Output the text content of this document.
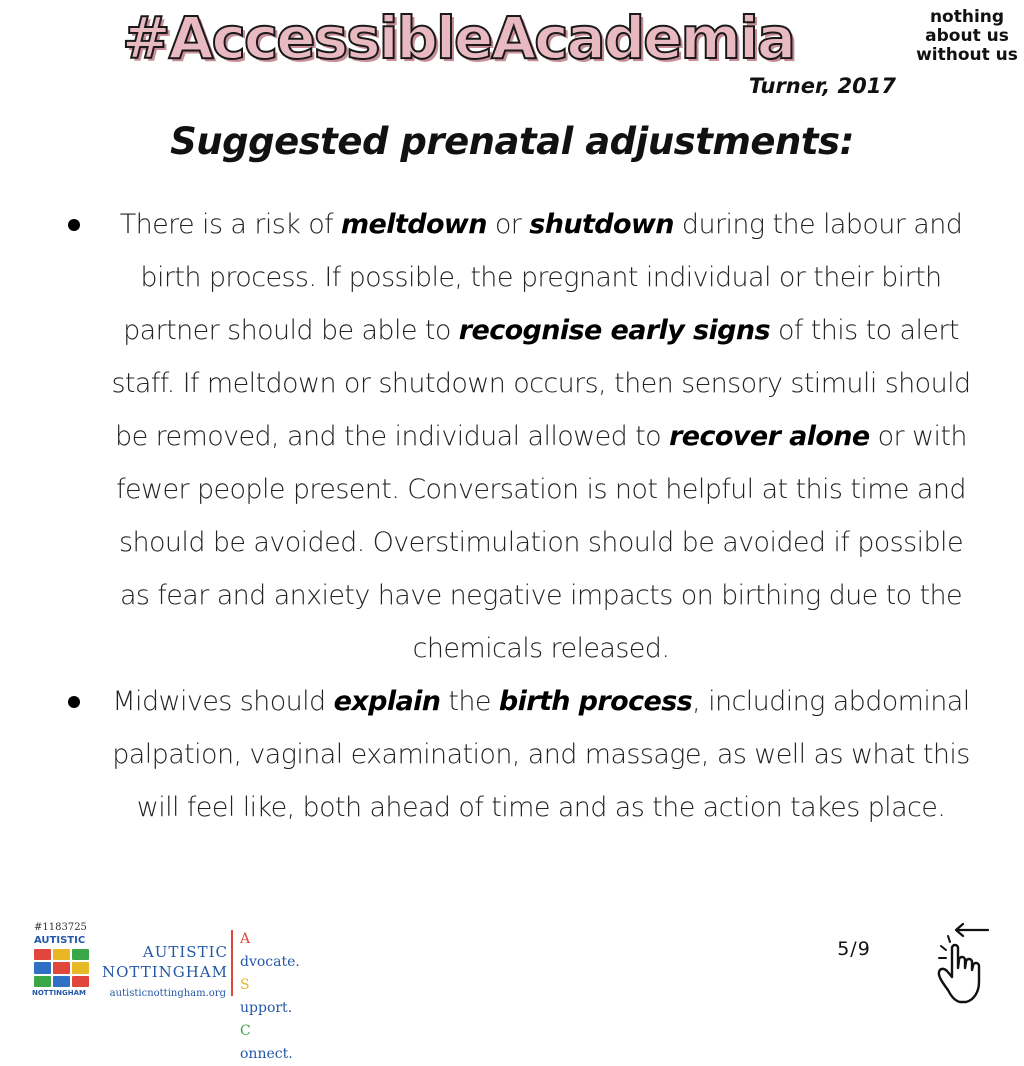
#AccessibleAcademia	nothing
about us
without us
Turner, 2017
Suggested prenatal adjustments:
There is a risk of meltdown or shutdown during the labour and birth process. If possible, the pregnant individual or their birth partner should be able to recognise early signs of this to alert staff. If meltdown or shutdown occurs, then sensory stimuli should be removed, and the individual allowed to recover alone or with fewer people present. Conversation is not helpful at this time and should be avoided. Overstimulation should be avoided if possible as fear and anxiety have negative impacts on birthing due to the chemicals released.
Midwives should explain the birth process, including abdominal palpation, vaginal examination, and massage, as well as what this will feel like, both ahead of time and as the action takes place.
#1183725
AUTISTIC
NOTTINGHAM
AUTISTIC
NOTTINGHAM
autisticnottingham.org
A
dvocate.
S
upport.
C
onnect.
5/9
